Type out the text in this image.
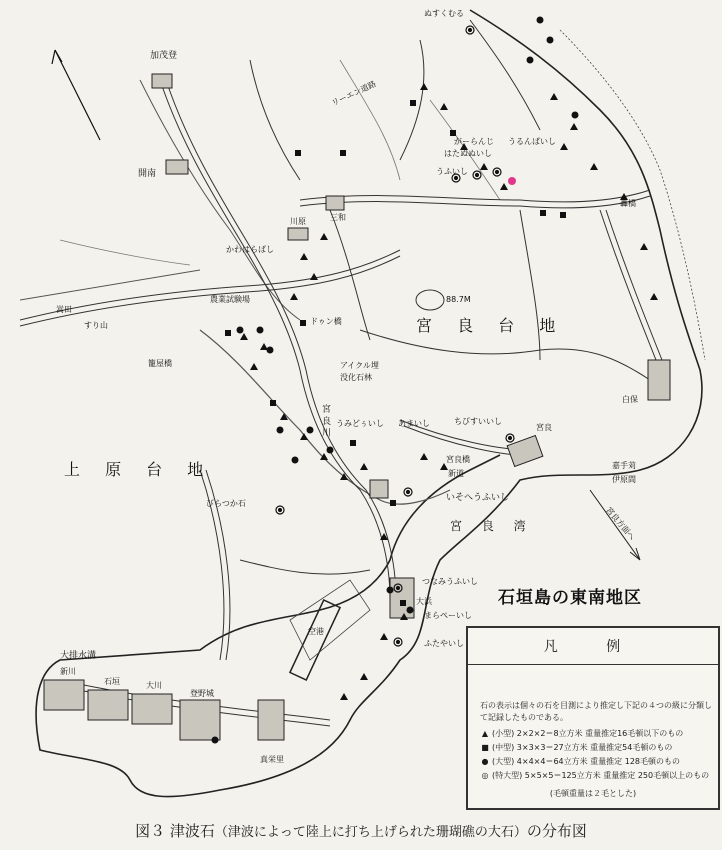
加茂登
開南
川原	三和
かわはらばし
農業試験場
ドゥン橋
嵩田
すり山
籠屋橋	アイクル埋
没化石林
宮 良 川
轟橋
白保
宮良
宮良橋
新道
大浜
新川
石垣	大川
登野城
真栄里
88.7M
空港
嘉手苅
伊原間
宮良方面へ
リーエン道路
ぬすくむる
うるんぱいし
がーらんじ
はたぬぬいし
うふいし
うみどぅいし あまいし
いそへうふいし
ちびすいいし
びらつか石
つなみうふいし
まらぺーいし
ふたやいし
宮 良 台 地
上 原 台 地
宮 良 湾
大排水溝
石垣島の東南地区
凡 例
石の表示は個々の石を目測により推定し下記の４つの級に分類して記録したものである。
▲ (小型) 2×2×2＝8立方米 重量推定16毛頓以下のもの
■ (中型) 3×3×3＝27立方米 重量推定54毛頓のもの
● (大型) 4×4×4＝64立方米 重量推定 128毛頓のもの
◎ (特大型) 5×5×5＝125立方米 重量推定 250毛頓以上のもの
(毛頓重量は２毛とした)
図３ 津波石（津波によって陸上に打ち上げられた珊瑚礁の大石）の分布図
